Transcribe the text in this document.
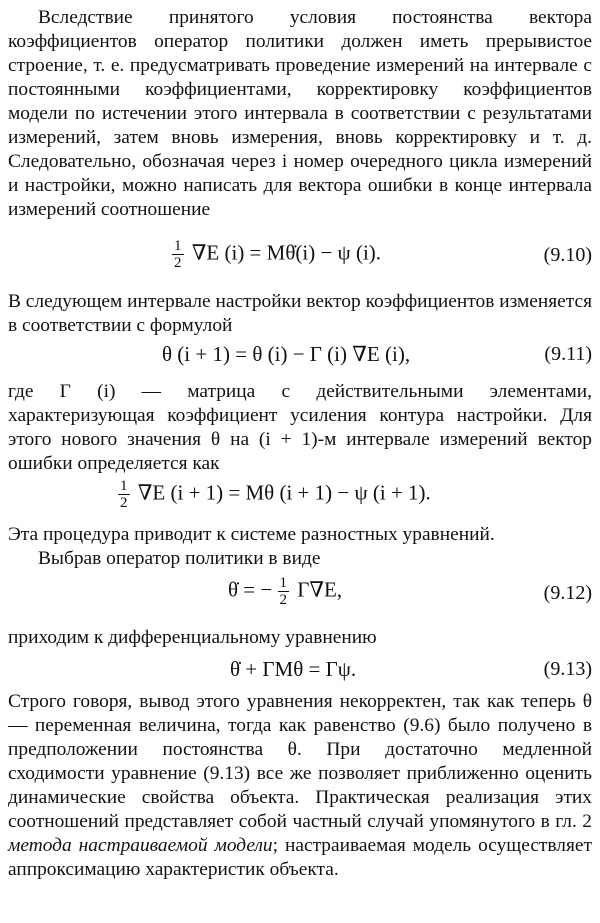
Вследствие принятого условия постоянства вектора коэффициентов оператор политики должен иметь прерывистое строение, т. е. предусматривать проведение измерений на интервале с постоянными коэффициентами, корректировку коэффициентов модели по истечении этого интервала в соответствии с результатами измерений, затем вновь измерения, вновь корректировку и т. д. Следовательно, обозначая через i номер очередного цикла измерений и настройки, можно написать для вектора ошибки в конце интервала измерений соотношение
$\frac{1}{2} \nabla E$ (i) = Mθ̇(i) − ψ (i).	(9.10)
В следующем интервале настройки вектор коэффициентов изменяется в соответствии с формулой
θ (i + 1) = θ (i) − Γ (i) ∇E (i),	(9.11)
где Γ (i) — матрица с действительными элементами, характеризующая коэффициент усиления контура настройки. Для этого нового значения θ на (i + 1)-м интервале измерений вектор ошибки определяется как
$\frac{1}{2} \nabla E$ (i + 1) = Mθ (i + 1) − ψ (i + 1).
Эта процедура приводит к системе разностных уравнений.
Выбрав оператор политики в виде
θ̇ = − $\frac{1}{2} \Gamma\nabla E$,	(9.12)
приходим к дифференциальному уравнению
θ̇ + ΓMθ = Γψ.	(9.13)
Строго говоря, вывод этого уравнения некорректен, так как теперь θ — переменная величина, тогда как равенство (9.6) было получено в предположении постоянства θ. При достаточно медленной сходимости уравнение (9.13) все же позволяет приближенно оценить динамические свойства объекта. Практическая реализация этих соотношений представляет собой частный случай упомянутого в гл. 2 метода настраиваемой модели; настраиваемая модель осуществляет аппроксимацию характеристик объекта.
